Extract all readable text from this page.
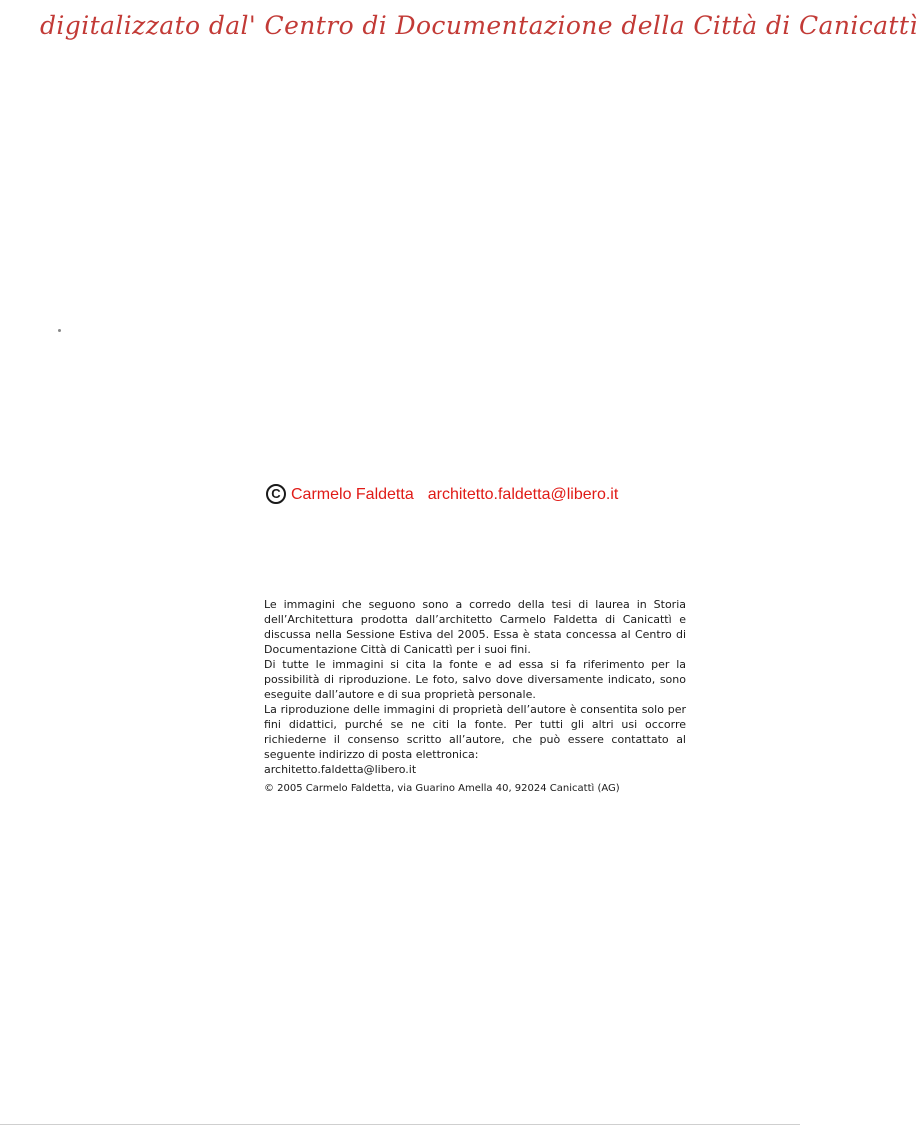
digitalizzato dal' Centro di Documentazione della Città di Canicattì
C Carmelo Faldetta architetto.faldetta@libero.it

Le immagini che seguono sono a corredo della tesi di laurea in Storia dell’Architettura prodotta dall’architetto Carmelo Faldetta di Canicattì e discussa nella Sessione Estiva del 2005. Essa è stata concessa al Centro di Documentazione Città di Canicattì per i suoi fini.

Di tutte le immagini si cita la fonte e ad essa si fa riferimento per la possibilità di riproduzione. Le foto, salvo dove diversamente indicato, sono eseguite dall’autore e di sua proprietà personale.

La riproduzione delle immagini di proprietà dell’autore è consentita solo per fini didattici, purché se ne citi la fonte. Per tutti gli altri usi occorre richiederne il consenso scritto all’autore, che può essere contattato al seguente indirizzo di posta elettronica:

architetto.faldetta@libero.it

© 2005 Carmelo Faldetta, via Guarino Amella 40, 92024 Canicattì (AG)
